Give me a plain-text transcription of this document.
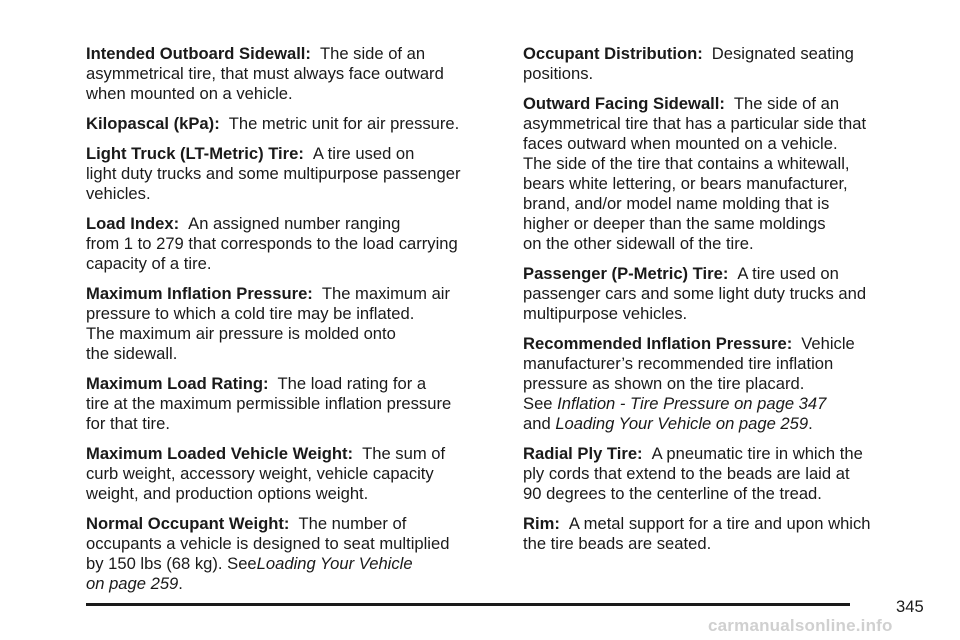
Intended Outboard Sidewall: The side of an
asymmetrical tire, that must always face outward
when mounted on a vehicle.
Kilopascal (kPa): The metric unit for air pressure.
Light Truck (LT-Metric) Tire: A tire used on
light duty trucks and some multipurpose passenger
vehicles.
Load Index: An assigned number ranging
from 1 to 279 that corresponds to the load carrying
capacity of a tire.
Maximum Inflation Pressure: The maximum air
pressure to which a cold tire may be inflated.
The maximum air pressure is molded onto
the sidewall.
Maximum Load Rating: The load rating for a
tire at the maximum permissible inflation pressure
for that tire.
Maximum Loaded Vehicle Weight: The sum of
curb weight, accessory weight, vehicle capacity
weight, and production options weight.
Normal Occupant Weight: The number of
occupants a vehicle is designed to seat multiplied
by 150 lbs (68 kg). SeeLoading Your Vehicle
on page 259.
Occupant Distribution: Designated seating
positions.
Outward Facing Sidewall: The side of an
asymmetrical tire that has a particular side that
faces outward when mounted on a vehicle.
The side of the tire that contains a whitewall,
bears white lettering, or bears manufacturer,
brand, and/or model name molding that is
higher or deeper than the same moldings
on the other sidewall of the tire.
Passenger (P-Metric) Tire: A tire used on
passenger cars and some light duty trucks and
multipurpose vehicles.
Recommended Inflation Pressure: Vehicle
manufacturer’s recommended tire inflation
pressure as shown on the tire placard.
See Inflation - Tire Pressure on page 347
and Loading Your Vehicle on page 259.
Radial Ply Tire: A pneumatic tire in which the
ply cords that extend to the beads are laid at
90 degrees to the centerline of the tread.
Rim: A metal support for a tire and upon which
the tire beads are seated.
345
carmanualsonline.info
